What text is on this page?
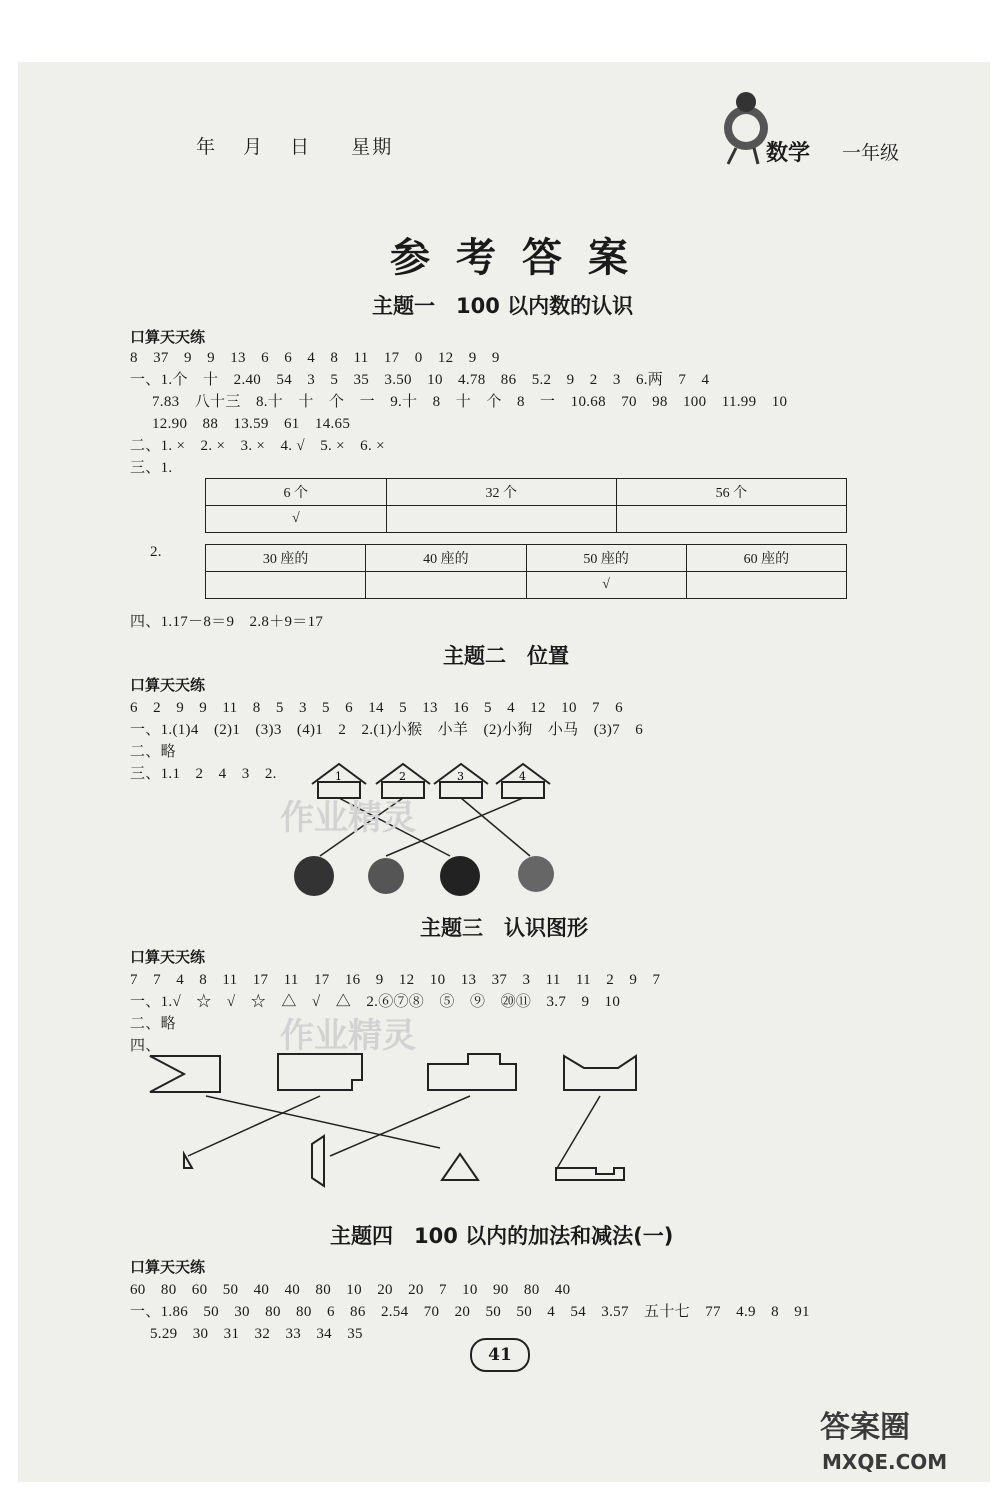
年 月 日 星期	数学 一年级
参考答案
主题一　100 以内数的认识
口算天天练
8　37　9　9　13　6　6　4　8　11　17　0　12　9　9
一、1.个　十　2.40　54　3　5　35　3.50　10　4.78　86　5.2　9　2　3　6.两　7　4
7.83　八十三　8.十　十　个　一　9.十　8　十　个　8　一　10.68　70　98　100　11.99　10
12.90　88　13.59　61　14.65
二、1. ×　2. ×　3. ×　4. √　5. ×　6. ×
三、1.
6 个	32 个	56 个
√		
2.	30 座的	40 座的	50 座的	60 座的
		√	
四、1.17－8＝9　2.8＋9＝17
主题二　位置
口算天天练
6　2　9　9　11　8　5　3　5　6　14　5　13　16　5　4　12　10　7　6
一、1.(1)4　(2)1　(3)3　(4)1　2　2.(1)小猴　小羊　(2)小狗　小马　(3)7　6
二、略
三、1.1　2　4　3　2.	1	2	3	4
主题三　认识图形
口算天天练
7　7　4　8　11　17　11　17　16　9　12　10　13　37　3　11　11　2　9　7
一、1.√　☆　√　☆　△　√　△　2.⑥⑦⑧　⑤　⑨　⑳⑪　3.7　9　10
二、略
四、
主题四　100 以内的加法和减法(一)
口算天天练
60　80　60　50　40　40　80　10　20　20　7　10　90　80　40
一、1.86　50　30　80　80　6　86　2.54　70　20　50　50　4　54　3.57　五十七　77　4.9　8　91
5.29　30　31　32　33　34　35
41
作业精灵
作业精灵
答案圈
MXQE.COM
